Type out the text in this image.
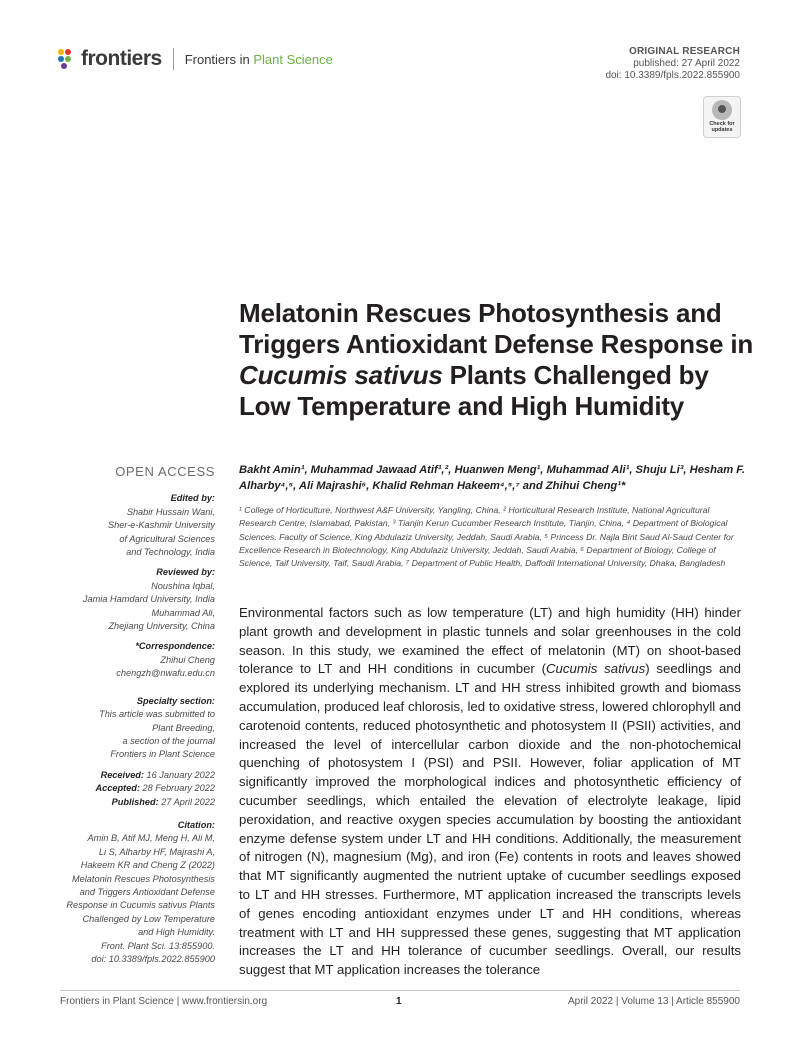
frontiers Frontiers in Plant Science	ORIGINAL RESEARCH
published: 27 April 2022
doi: 10.3389/fpls.2022.855900
Check for
updates
Melatonin Rescues Photosynthesis and Triggers Antioxidant Defense Response in Cucumis sativus Plants Challenged by Low Temperature and High Humidity
OPEN ACCESS
Edited by:
Shabir Hussain Wani,
Sher-e-Kashmir University
of Agricultural Sciences
and Technology, India
Reviewed by:
Noushina Iqbal,
Jamia Hamdard University, India
Muhammad Ali,
Zhejiang University, China
*Correspondence:
Zhihui Cheng
chengzh@nwafu.edu.cn
Specialty section:
This article was submitted to
Plant Breeding,
a section of the journal
Frontiers in Plant Science
Received: 16 January 2022
Accepted: 28 February 2022
Published: 27 April 2022
Citation:
Amin B, Atif MJ, Meng H, Ali M,
Li S, Alharby HF, Majrashi A,
Hakeem KR and Cheng Z (2022)
Melatonin Rescues Photosynthesis
and Triggers Antioxidant Defense
Response in Cucumis sativus Plants
Challenged by Low Temperature
and High Humidity.
Front. Plant Sci. 13:855900.
doi: 10.3389/fpls.2022.855900
Bakht Amin¹, Muhammad Jawaad Atif¹,², Huanwen Meng¹, Muhammad Ali¹, Shuju Li³, Hesham F. Alharby⁴,⁵, Ali Majrashi⁶, Khalid Rehman Hakeem⁴,⁵,⁷ and Zhihui Cheng¹*
¹ College of Horticulture, Northwest A&F University, Yangling, China, ² Horticultural Research Institute, National Agricultural Research Centre, Islamabad, Pakistan, ³ Tianjin Kerun Cucumber Research Institute, Tianjin, China, ⁴ Department of Biological Sciences, Faculty of Science, King Abdulaziz University, Jeddah, Saudi Arabia, ⁵ Princess Dr. Najla Bint Saud Al-Saud Center for Excellence Research in Biotechnology, King Abdulaziz University, Jeddah, Saudi Arabia, ⁶ Department of Biology, College of Science, Taif University, Taif, Saudi Arabia, ⁷ Department of Public Health, Daffodil International University, Dhaka, Bangladesh

Environmental factors such as low temperature (LT) and high humidity (HH) hinder plant growth and development in plastic tunnels and solar greenhouses in the cold season. In this study, we examined the effect of melatonin (MT) on shoot-based tolerance to LT and HH conditions in cucumber (Cucumis sativus) seedlings and explored its underlying mechanism. LT and HH stress inhibited growth and biomass accumulation, produced leaf chlorosis, led to oxidative stress, lowered chlorophyll and carotenoid contents, reduced photosynthetic and photosystem II (PSII) activities, and increased the level of intercellular carbon dioxide and the non-photochemical quenching of photosystem I (PSI) and PSII. However, foliar application of MT significantly improved the morphological indices and photosynthetic efficiency of cucumber seedlings, which entailed the elevation of electrolyte leakage, lipid peroxidation, and reactive oxygen species accumulation by boosting the antioxidant enzyme defense system under LT and HH conditions. Additionally, the measurement of nitrogen (N), magnesium (Mg), and iron (Fe) contents in roots and leaves showed that MT significantly augmented the nutrient uptake of cucumber seedlings exposed to LT and HH stresses. Furthermore, MT application increased the transcripts levels of genes encoding antioxidant enzymes under LT and HH conditions, whereas treatment with LT and HH suppressed these genes, suggesting that MT application increases the LT and HH tolerance of cucumber seedlings. Overall, our results suggest that MT application increases the tolerance

Frontiers in Plant Science | www.frontiersin.org	1	April 2022 | Volume 13 | Article 855900
